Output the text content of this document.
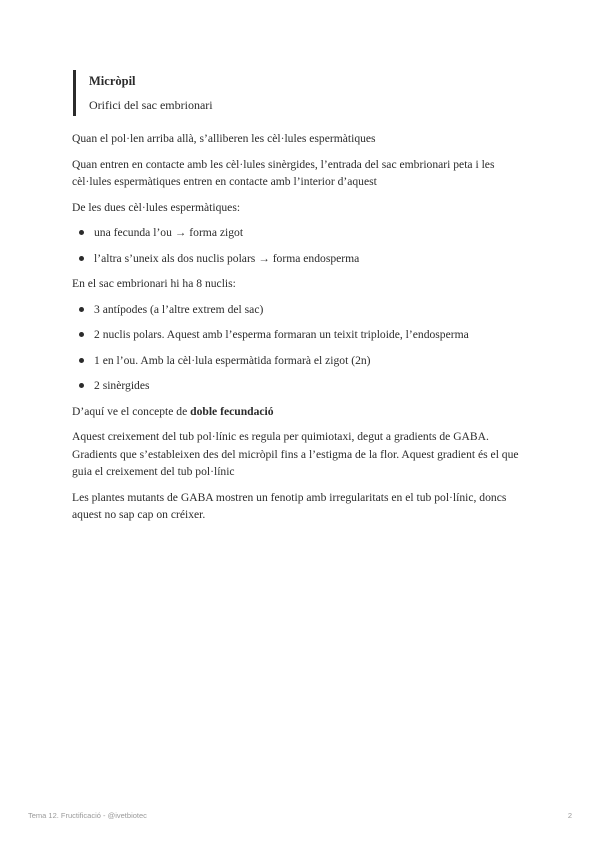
Micròpil
Orifici del sac embrionari

Quan el pol·len arriba allà, s’alliberen les cèl·lules espermàtiques

Quan entren en contacte amb les cèl·lules sinèrgides, l’entrada del sac embrionari peta i les cèl·lules espermàtiques entren en contacte amb l’interior d’aquest

De les dues cèl·lules espermàtiques:

una fecunda l’ou → forma zigot
l’altra s’uneix als dos nuclis polars → forma endosperma

En el sac embrionari hi ha 8 nuclis:

3 antípodes (a l’altre extrem del sac)
2 nuclis polars. Aquest amb l’esperma formaran un teixit triploide, l’endosperma
1 en l’ou. Amb la cèl·lula espermàtida formarà el zigot (2n)
2 sinèrgides

D’aquí ve el concepte de doble fecundació

Aquest creixement del tub pol·línic es regula per quimiotaxi, degut a gradients de GABA. Gradients que s’estableixen des del micròpil fins a l’estigma de la flor. Aquest gradient és el que guia el creixement del tub pol·línic

Les plantes mutants de GABA mostren un fenotip amb irregularitats en el tub pol·línic, doncs aquest no sap cap on créixer.

Tema 12. Fructificació - @ivetbiotec	2
